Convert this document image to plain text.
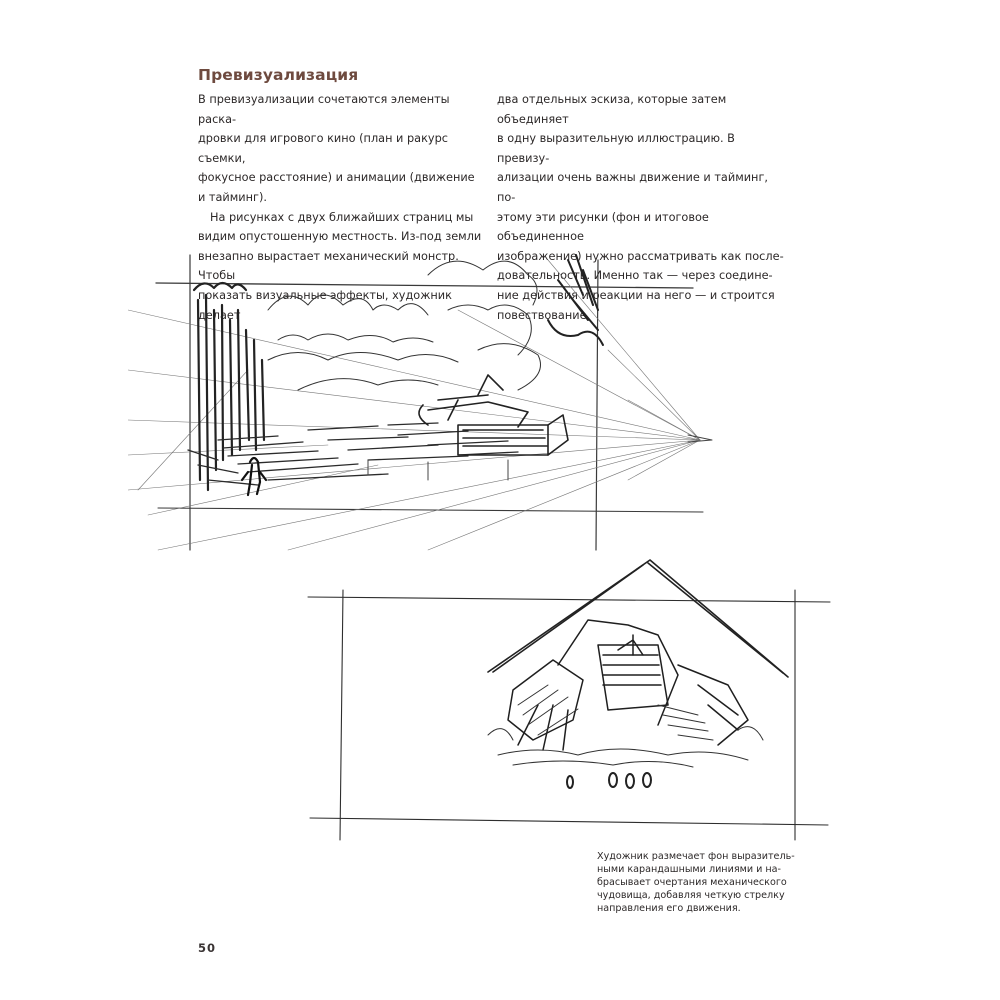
Превизуализация

В превизуализации сочетаются элементы раска-

дровки для игрового кино (план и ракурс съемки,

фокусное расстояние) и анимации (движение

и тайминг).

На рисунках с двух ближайших страниц мы

видим опустошенную местность. Из-под земли

внезапно вырастает механический монстр. Чтобы

показать визуальные эффекты, художник делает

два отдельных эскиза, которые затем объединяет

в одну выразительную иллюстрацию. В превизу-

ализации очень важны движение и тайминг, по-

этому эти рисунки (фон и итоговое объединенное

изображение) нужно рассматривать как после-

довательность. Именно так — через соедине-

ние действия и реакции на него — и строится

повествование.

Художник размечает фон выразитель-

ными карандашными линиями и на-

брасывает очертания механического

чудовища, добавляя четкую стрелку

направления его движения.

50
